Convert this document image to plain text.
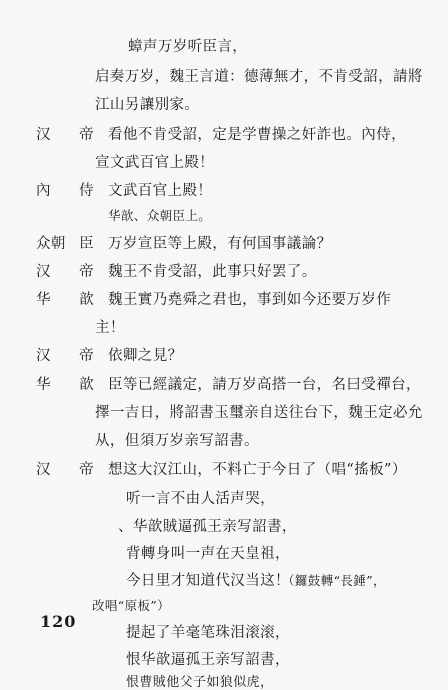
蟑声万岁听臣言，
启奏万岁，魏王言道：德薄無才，不肯受詔，請將
江山另讓別家。
汉 帝 看他不肯受詔，定是学曹操之奸詐也。內侍，
宣文武百官上殿！
內 侍 文武百官上殿！
华歆、众朝臣上。
众朝 臣 万岁宣臣等上殿，有何国事議論？
汉 帝 魏王不肯受詔，此事只好罢了。
华 歆 魏王實乃堯舜之君也，事到如今还要万岁作
主！
汉 帝 依卿之見？
华 歆 臣等已經議定，請万岁高搭一台，名曰受禪台，
擇一吉日，將詔書玉璽亲自送往台下，魏王定必允
从，但須万岁亲写詔書。
汉 帝 想这大汉江山，不料亡于今日了（唱“搖板”）
听一言不由人活声哭，
、华歆賊逼孤王亲写詔書，
背轉身叫一声在天皇祖，
今日里才知道代汉当这！
（鑼鼓轉“長錘”，
改唱“原板”）
提起了羊毫笔珠泪滚滚，
恨华歆逼孤王亲写詔書，
恨曹賊他父子如狼似虎，
120
